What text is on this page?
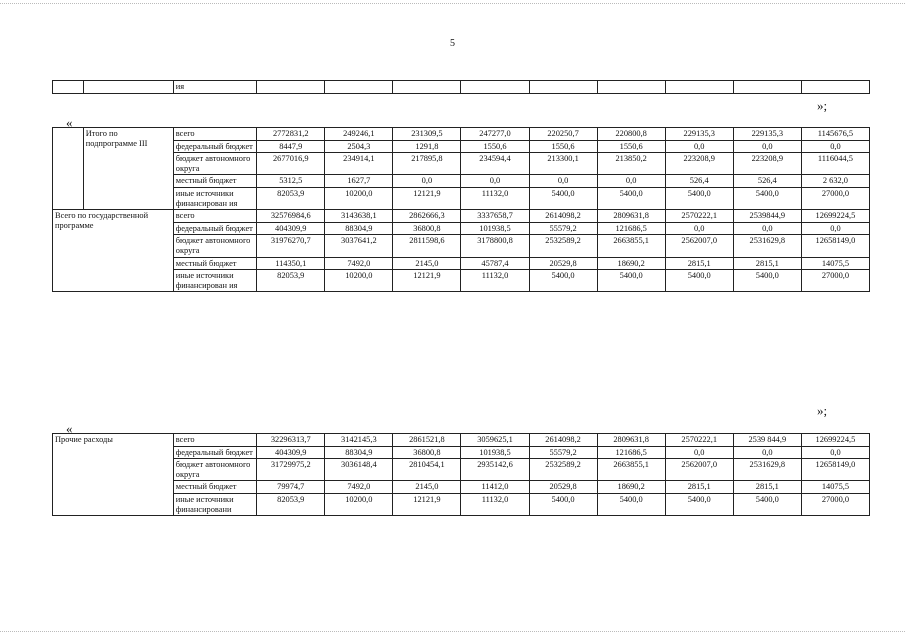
5
		ия									
»;
«
	Итого по подпрограмме III	всего	2772831,2	249246,1	231309,5	247277,0	220250,7	220800,8	229135,3	229135,3	1145676,5
		федеральный бюджет	8447,9	2504,3	1291,8	1550,6	1550,6	1550,6	0,0	0,0	0,0
		бюджет автономного округа	2677016,9	234914,1	217895,8	234594,4	213300,1	213850,2	223208,9	223208,9	1116044,5
		местный бюджет	5312,5	1627,7	0,0	0,0	0,0	0,0	526,4	526,4	2 632,0
		иные источники финансирован ия	82053,9	10200,0	12121,9	11132,0	5400,0	5400,0	5400,0	5400,0	27000,0
Всего по государственной программе		всего	32576984,6	3143638,1	2862666,3	3337658,7	2614098,2	2809631,8	2570222,1	2539844,9	12699224,5
		федеральный бюджет	404309,9	88304,9	36800,8	101938,5	55579,2	121686,5	0,0	0,0	0,0
		бюджет автономного округа	31976270,7	3037641,2	2811598,6	3178800,8	2532589,2	2663855,1	2562007,0	2531629,8	12658149,0
		местный бюджет	114350,1	7492,0	2145,0	45787,4	20529,8	18690,2	2815,1	2815,1	14075,5
		иные источники финансирован ия	82053,9	10200,0	12121,9	11132,0	5400,0	5400,0	5400,0	5400,0	27000,0
»;
«
Прочие расходы	всего	32296313,7	3142145,3	2861521,8	3059625,1	2614098,2	2809631,8	2570222,1	2539 844,9	12699224,5
	федеральный бюджет	404309,9	88304,9	36800,8	101938,5	55579,2	121686,5	0,0	0,0	0,0
	бюджет автономного округа	31729975,2	3036148,4	2810454,1	2935142,6	2532589,2	2663855,1	2562007,0	2531629,8	12658149,0
	местный бюджет	79974,7	7492,0	2145,0	11412,0	20529,8	18690,2	2815,1	2815,1	14075,5
	иные источники финансировани	82053,9	10200,0	12121,9	11132,0	5400,0	5400,0	5400,0	5400,0	27000,0
